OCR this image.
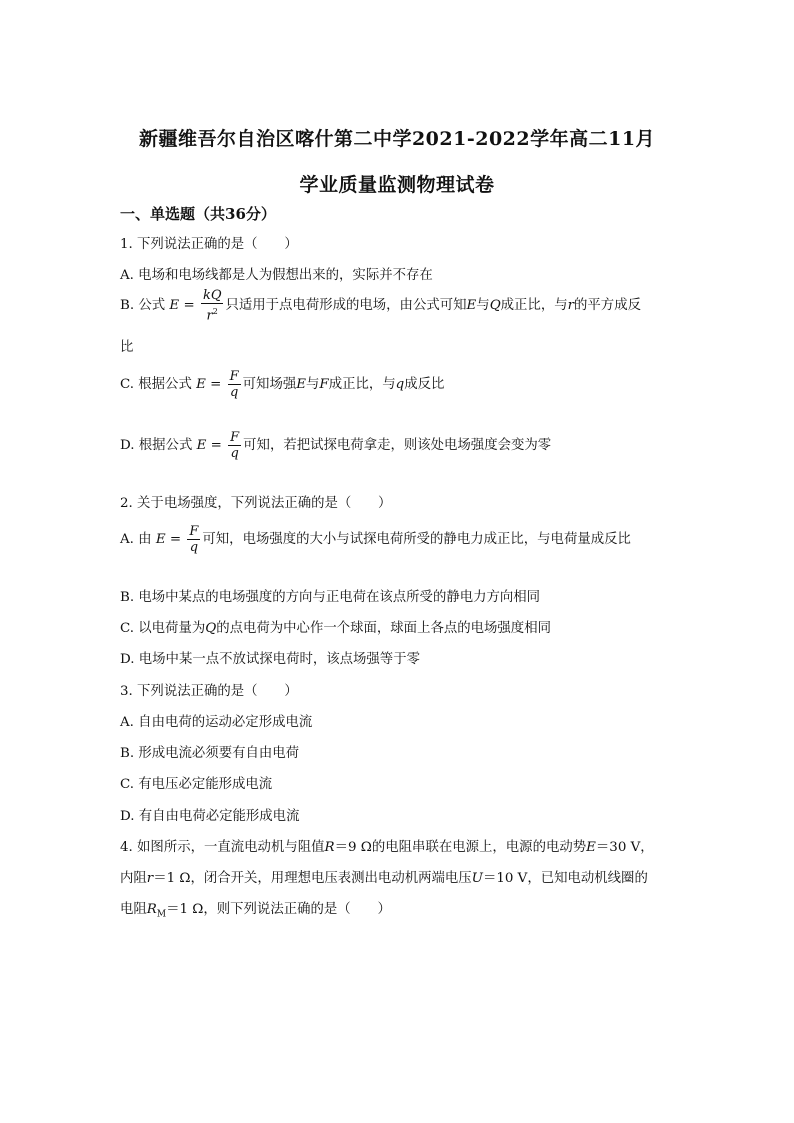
新疆维吾尔自治区喀什第二中学2021-2022学年高二11月
学业质量监测物理试卷
一、单选题（共36分）
1. 下列说法正确的是（　　）
A. 电场和电场线都是人为假想出来的，实际并不存在
B. 公式 $E = \frac{kQ}{r^2}$ 只适用于点电荷形成的电场，由公式可知E与Q成正比，与r的平方成反
比
C. 根据公式 $E = \frac{F}{q}$ 可知场强E与F成正比，与q成反比
D. 根据公式 $E = \frac{F}{q}$ 可知，若把试探电荷拿走，则该处电场强度会变为零
2. 关于电场强度，下列说法正确的是（　　）
A. 由 $E = \frac{F}{q}$ 可知，电场强度的大小与试探电荷所受的静电力成正比，与电荷量成反比
B. 电场中某点的电场强度的方向与正电荷在该点所受的静电力方向相同
C. 以电荷量为Q的点电荷为中心作一个球面，球面上各点的电场强度相同
D. 电场中某一点不放试探电荷时，该点场强等于零
3. 下列说法正确的是（　　）
A. 自由电荷的运动必定形成电流
B. 形成电流必须要有自由电荷
C. 有电压必定能形成电流
D. 有自由电荷必定能形成电流
4. 如图所示，一直流电动机与阻值R＝9 Ω的电阻串联在电源上，电源的电动势E＝30 V，
内阻r＝1 Ω，闭合开关，用理想电压表测出电动机两端电压U＝10 V，已知电动机线圈的
电阻$R_M=1$ Ω，则下列说法正确的是（　　）
